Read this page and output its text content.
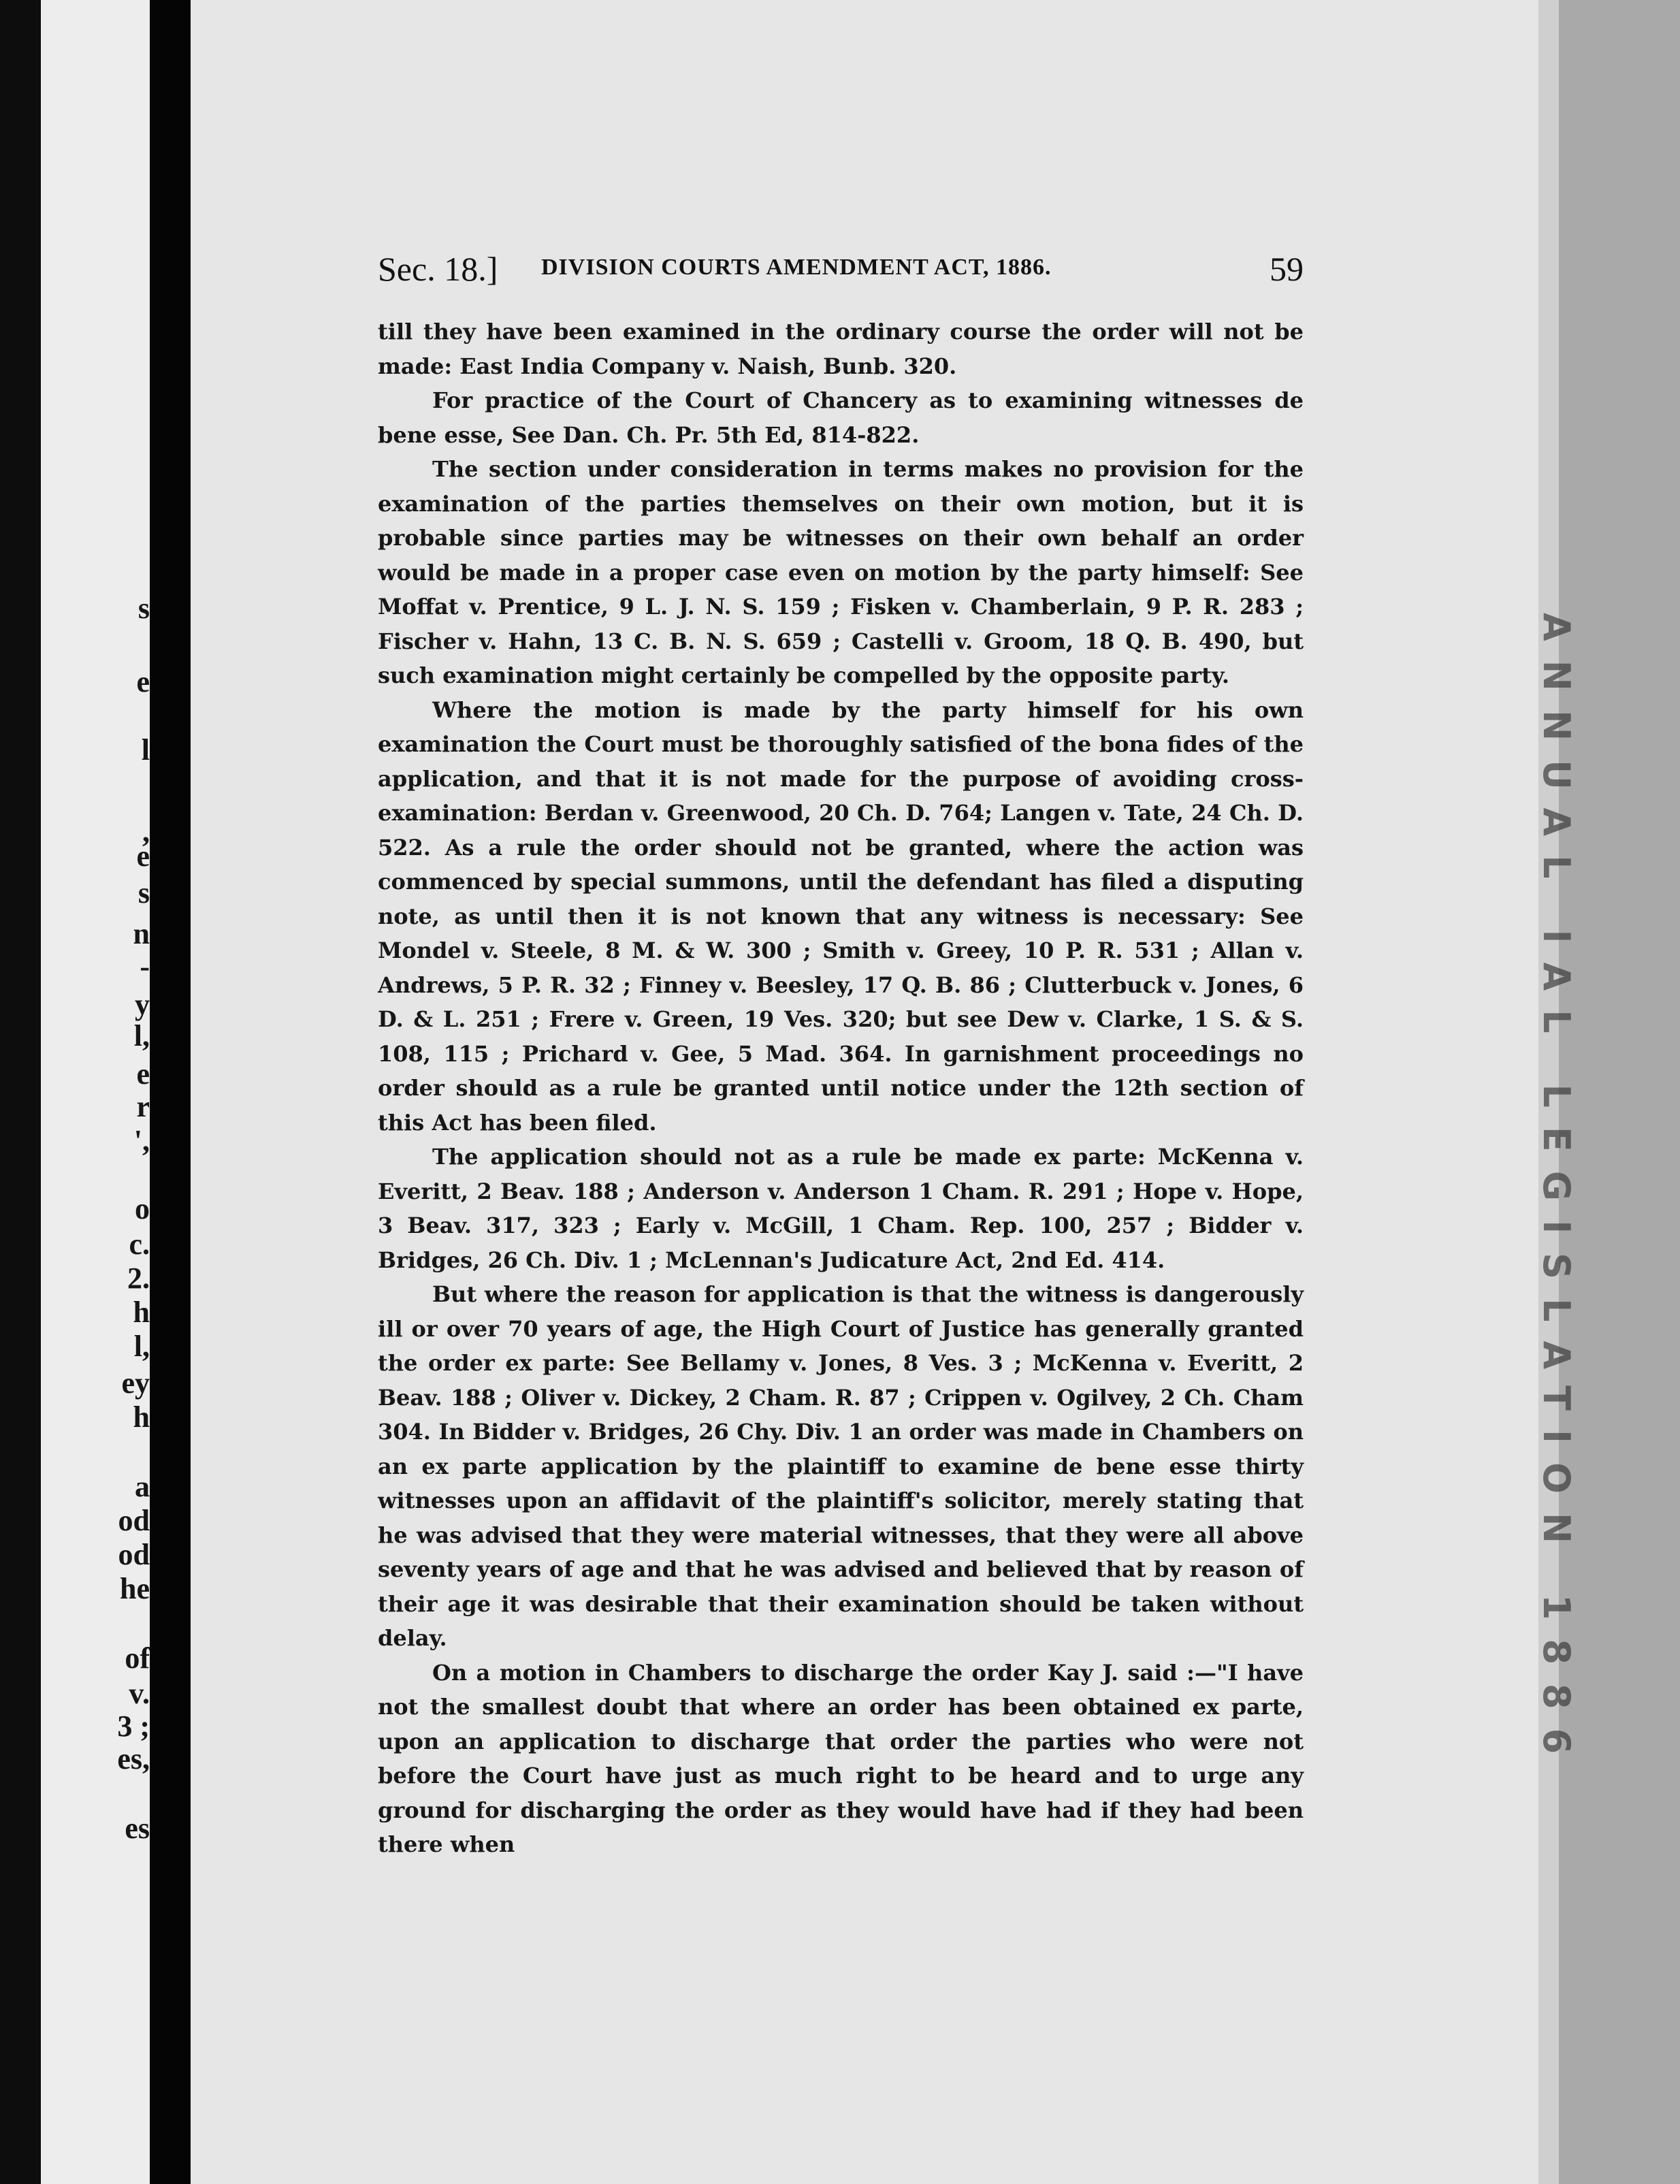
s
e
l
,
e
s
n
-
y
l,
e
r
',
o
c.
2.
h
l,
ey
h
a
od
od
he
of
v.
3 ;
es,
es
ANNUAL IAL LEGISLATION 1886
Sec. 18.] DIVISION COURTS AMENDMENT ACT, 1886.	59

till they have been examined in the ordinary course the order will not be made: East India Company v. Naish, Bunb. 320.

For practice of the Court of Chancery as to examining witnesses de bene esse, See Dan. Ch. Pr. 5th Ed, 814-822.

The section under consideration in terms makes no provision for the examination of the parties themselves on their own motion, but it is probable since parties may be witnesses on their own behalf an order would be made in a proper case even on motion by the party himself: See Moffat v. Prentice, 9 L. J. N. S. 159 ; Fisken v. Chamberlain, 9 P. R. 283 ; Fischer v. Hahn, 13 C. B. N. S. 659 ; Castelli v. Groom, 18 Q. B. 490, but such examination might certainly be compelled by the opposite party.

Where the motion is made by the party himself for his own examination the Court must be thoroughly satisfied of the bona fides of the application, and that it is not made for the purpose of avoiding cross-examination: Berdan v. Greenwood, 20 Ch. D. 764; Langen v. Tate, 24 Ch. D. 522. As a rule the order should not be granted, where the action was commenced by special summons, until the defendant has filed a disputing note, as until then it is not known that any witness is necessary: See Mondel v. Steele, 8 M. & W. 300 ; Smith v. Greey, 10 P. R. 531 ; Allan v. Andrews, 5 P. R. 32 ; Finney v. Beesley, 17 Q. B. 86 ; Clutterbuck v. Jones, 6 D. & L. 251 ; Frere v. Green, 19 Ves. 320; but see Dew v. Clarke, 1 S. & S. 108, 115 ; Prichard v. Gee, 5 Mad. 364. In garnishment proceedings no order should as a rule be granted until notice under the 12th section of this Act has been filed.

The application should not as a rule be made ex parte: McKenna v. Everitt, 2 Beav. 188 ; Anderson v. Anderson 1 Cham. R. 291 ; Hope v. Hope, 3 Beav. 317, 323 ; Early v. McGill, 1 Cham. Rep. 100, 257 ; Bidder v. Bridges, 26 Ch. Div. 1 ; McLennan's Judicature Act, 2nd Ed. 414.

But where the reason for application is that the witness is dangerously ill or over 70 years of age, the High Court of Justice has generally granted the order ex parte: See Bellamy v. Jones, 8 Ves. 3 ; McKenna v. Everitt, 2 Beav. 188 ; Oliver v. Dickey, 2 Cham. R. 87 ; Crippen v. Ogilvey, 2 Ch. Cham 304. In Bidder v. Bridges, 26 Chy. Div. 1 an order was made in Chambers on an ex parte application by the plaintiff to examine de bene esse thirty witnesses upon an affidavit of the plaintiff's solicitor, merely stating that he was advised that they were material witnesses, that they were all above seventy years of age and that he was advised and believed that by reason of their age it was desirable that their examination should be taken without delay.

On a motion in Chambers to discharge the order Kay J. said :—"I have not the smallest doubt that where an order has been obtained ex parte, upon an application to discharge that order the parties who were not before the Court have just as much right to be heard and to urge any ground for discharging the order as they would have had if they had been there when
